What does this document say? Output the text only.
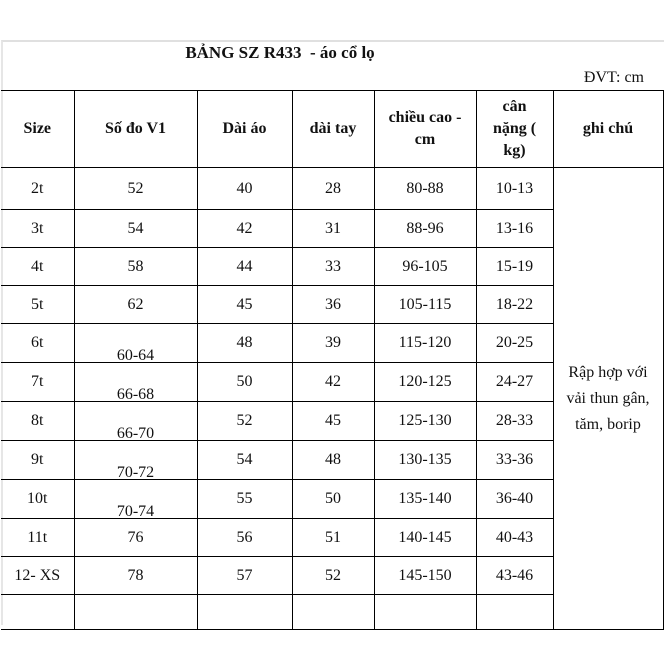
BẢNG SZ R433 - áo cổ lọ
ĐVT: cm
Size	Số đo V1	Dài áo	dài tay	chiều cao - cm	cân nặng ( kg)	ghi chú
2t	52	40	28	80-88	10-13	Rập hợp với vải thun gân, tăm, borip
3t	54	42	31	88-96	13-16	
4t	58	44	33	96-105	15-19	
5t	62	45	36	105-115	18-22	
6t	60-64	48	39	115-120	20-25	
7t	66-68	50	42	120-125	24-27	
8t	66-70	52	45	125-130	28-33	
9t	70-72	54	48	130-135	33-36	
10t	70-74	55	50	135-140	36-40	
11t	76	56	51	140-145	40-43	
12- XS	78	57	52	145-150	43-46	
